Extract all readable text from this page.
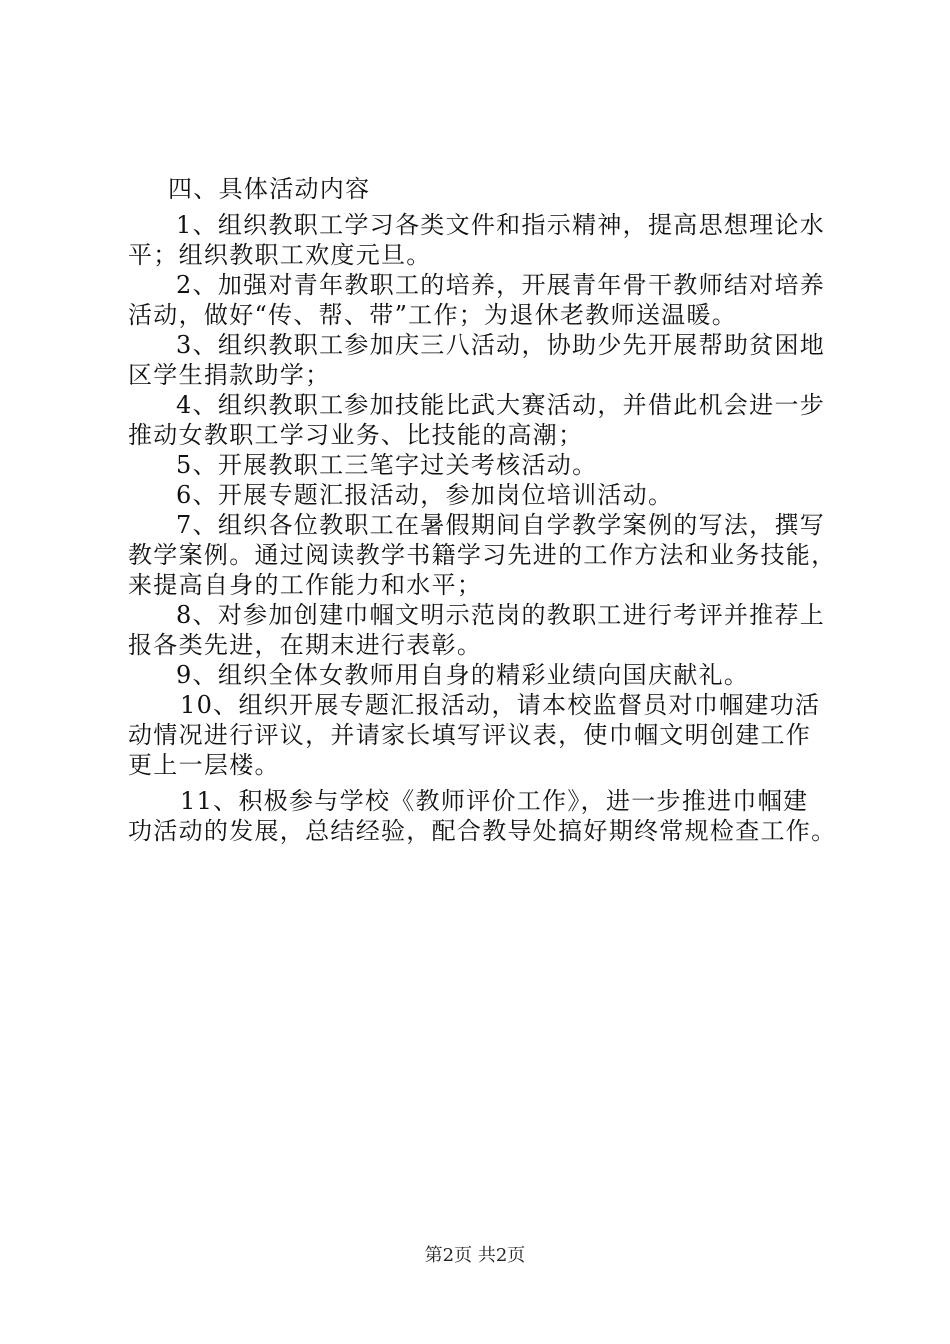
四、具体活动内容
1、组织教职工学习各类文件和指示精神，提高思想理论水
平；组织教职工欢度元旦。
2、加强对青年教职工的培养，开展青年骨干教师结对培养
活动，做好“传、帮、带”工作；为退休老教师送温暖。
3、组织教职工参加庆三八活动，协助少先开展帮助贫困地
区学生捐款助学；
4、组织教职工参加技能比武大赛活动，并借此机会进一步
推动女教职工学习业务、比技能的高潮；
5、开展教职工三笔字过关考核活动。
6、开展专题汇报活动，参加岗位培训活动。
7、组织各位教职工在暑假期间自学教学案例的写法，撰写
教学案例。通过阅读教学书籍学习先进的工作方法和业务技能，
来提高自身的工作能力和水平；
8、对参加创建巾帼文明示范岗的教职工进行考评并推荐上
报各类先进，在期末进行表彰。
9、组织全体女教师用自身的精彩业绩向国庆献礼。
10、组织开展专题汇报活动，请本校监督员对巾帼建功活
动情况进行评议，并请家长填写评议表，使巾帼文明创建工作
更上一层楼。
11、积极参与学校《教师评价工作》，进一步推进巾帼建
功活动的发展，总结经验，配合教导处搞好期终常规检查工作。
第2页 共2页
